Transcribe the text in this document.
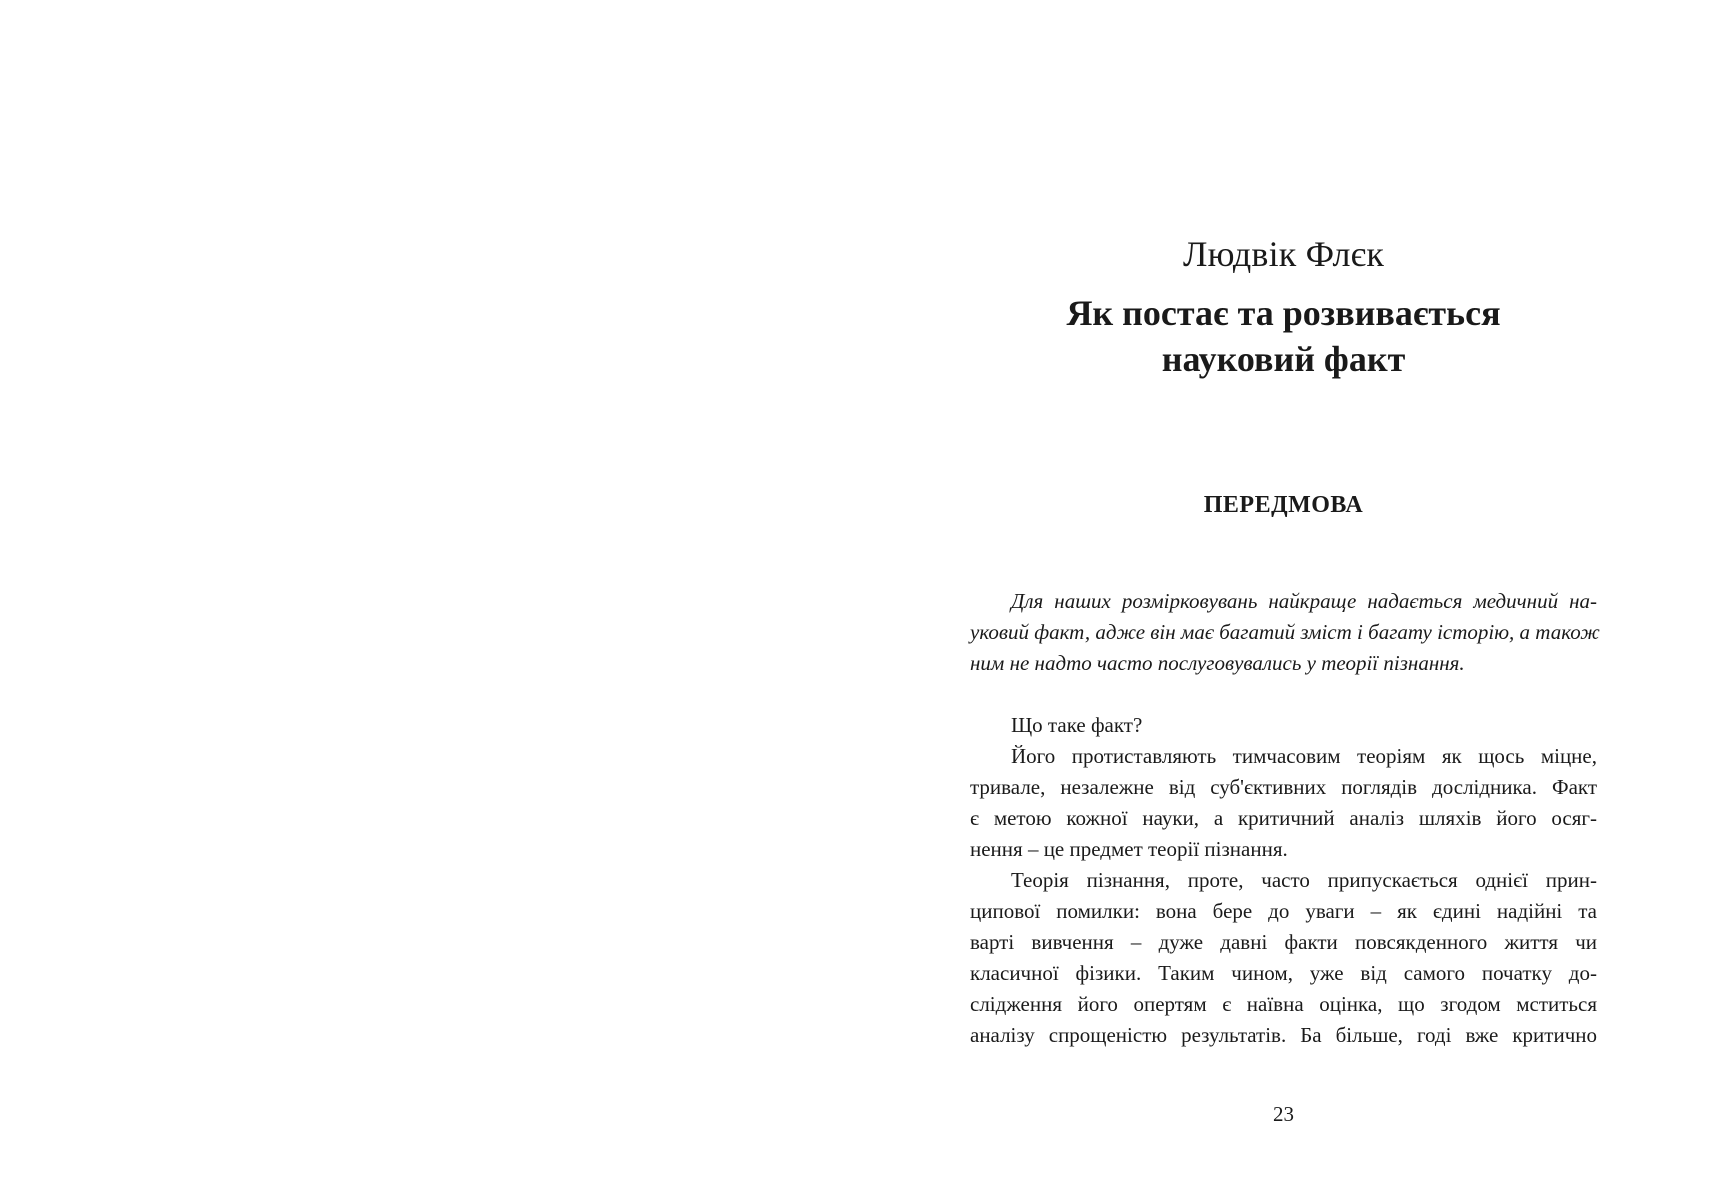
Людвік Флєк
Як постає та розвивається
науковий факт
ПЕРЕДМОВА
Для наших розмірковувань найкраще надається медичний на-
уковий факт, адже він має багатий зміст і багату історію, а також
ним не надто часто послуговувались у теорії пізнання.
Що таке факт?
Його протиставляють тимчасовим теоріям як щось міцне,
тривале, незалежне від суб'єктивних поглядів дослідника. Факт
є метою кожної науки, а критичний аналіз шляхів його осяг-
нення – це предмет теорії пізнання.
Теорія пізнання, проте, часто припускається однієї прин-
ципової помилки: вона бере до уваги – як єдині надійні та
варті вивчення – дуже давні факти повсякденного життя чи
класичної фізики. Таким чином, уже від самого початку до-
слідження його опертям є наївна оцінка, що згодом мститься
аналізу спрощеністю результатів. Ба більше, годі вже критично
23
